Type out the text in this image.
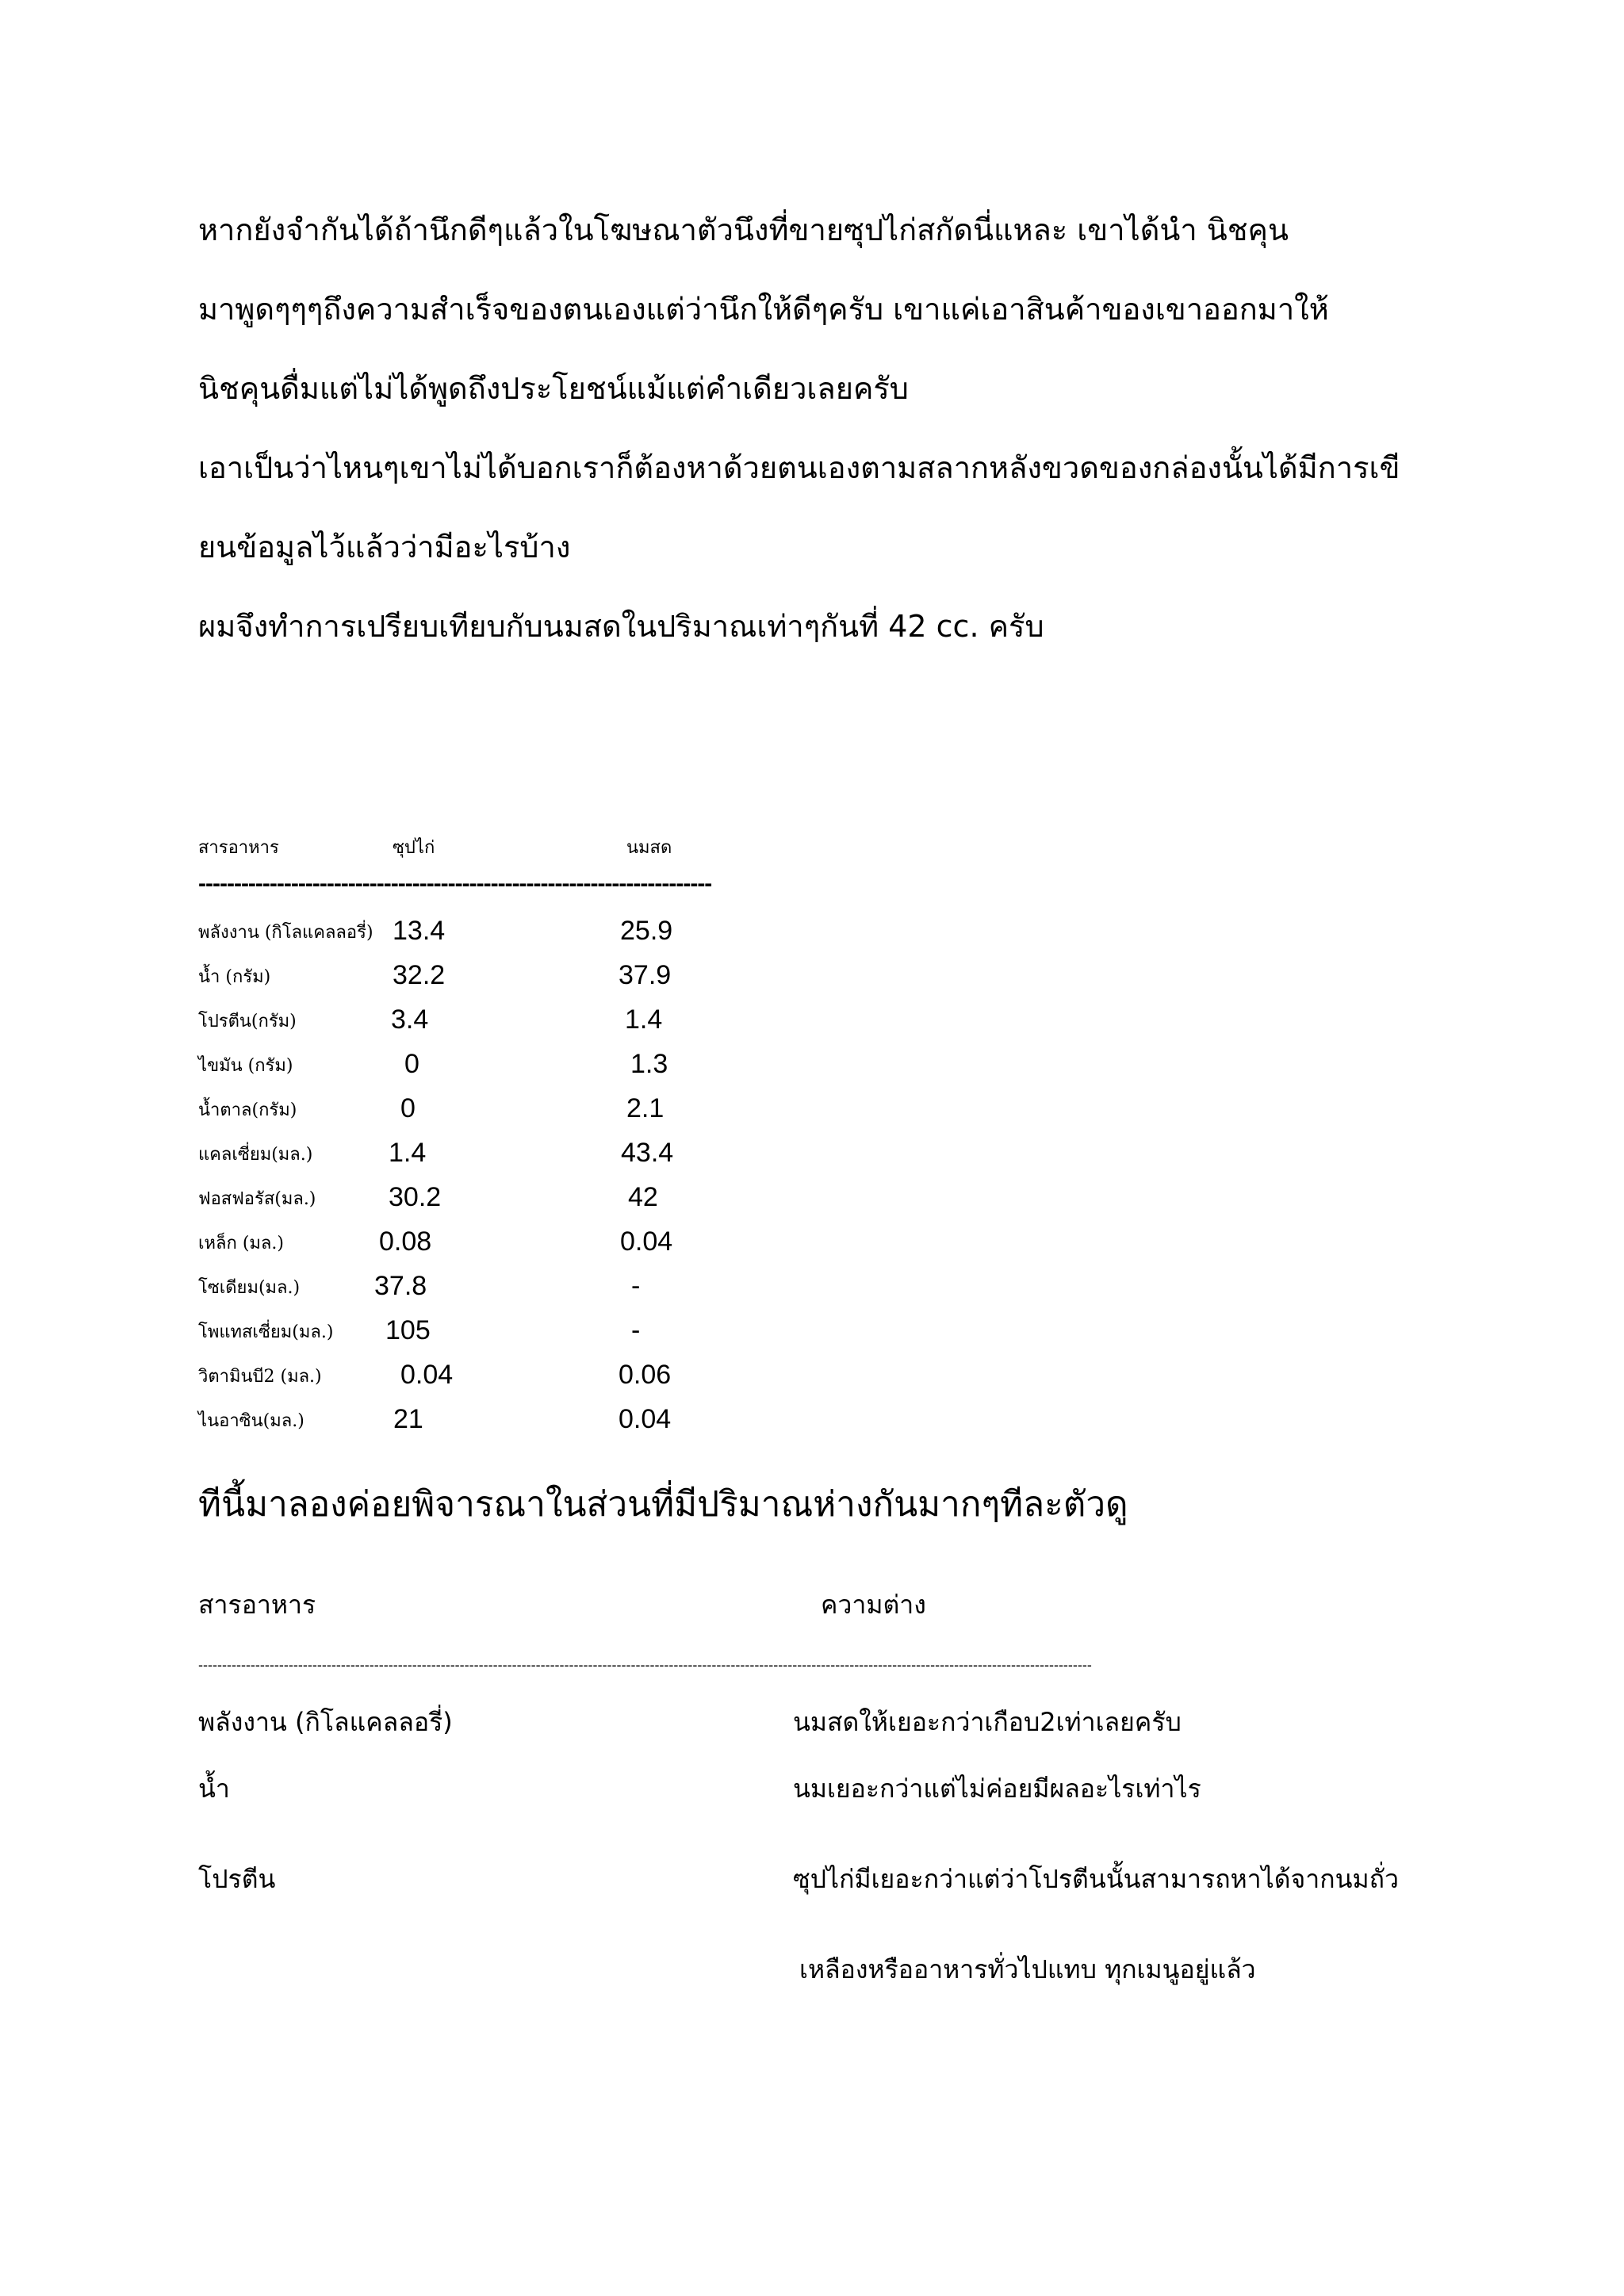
หากยังจำกันได้ถ้านึกดีๆแล้วในโฆษณาตัวนึงที่ขายซุปไก่สกัดนี่แหละ เขาได้นำ นิชคุน
มาพูดๆๆๆถึงความสำเร็จของตนเองแต่ว่านึกให้ดีๆครับ เขาแค่เอาสินค้าของเขาออกมาให้
นิชคุนดื่มแต่ไม่ได้พูดถึงประโยชน์แม้แต่คำเดียวเลยครับ
เอาเป็นว่าไหนๆเขาไม่ได้บอกเราก็ต้องหาด้วยตนเองตามสลากหลังขวดของกล่องนั้นได้มีการเขี
ยนข้อมูลไว้แล้วว่ามีอะไรบ้าง
ผมจึงทำการเปรียบเทียบกับนมสดในปริมาณเท่าๆกันที่ 42 cc. ครับ
สารอาหาร	ซุปไก่	นมสด
------------------------------------------------------------------------
พลังงาน (กิโลแคลลอรี่) 13.4	25.9
น้ำ (กรัม)	32.2	37.9
โปรตีน(กรัม)	3.4	1.4
ไขมัน (กรัม)	0	1.3
น้ำตาล(กรัม)	0	2.1
แคลเซี่ยม(มล.)	1.4	43.4
ฟอสฟอรัส(มล.)	30.2	42
เหล็ก (มล.)	0.08	0.04
โซเดียม(มล.)	37.8	-
โพแทสเซี่ยม(มล.) 105	-
วิตามินบี2 (มล.)	0.04	0.06
ไนอาซิน(มล.)	21	0.04
ทีนี้มาลองค่อยพิจารณาในส่วนที่มีปริมาณห่างกันมากๆทีละตัวดู
สารอาหาร	ความต่าง
--------------------------------------------------------------------------------------------------------------------------------------------------------------------------------------------
พลังงาน (กิโลแคลลอรี่)	นมสดให้เยอะกว่าเกือบ2เท่าเลยครับ
น้ำ	นมเยอะกว่าแต่ไม่ค่อยมีผลอะไรเท่าไร
โปรตีน	ซุปไก่มีเยอะกว่าแต่ว่าโปรตีนนั้นสามารถหาได้จากนมถั่ว
เหลืองหรืออาหารทั่วไปแทบ ทุกเมนูอยู่แล้ว
